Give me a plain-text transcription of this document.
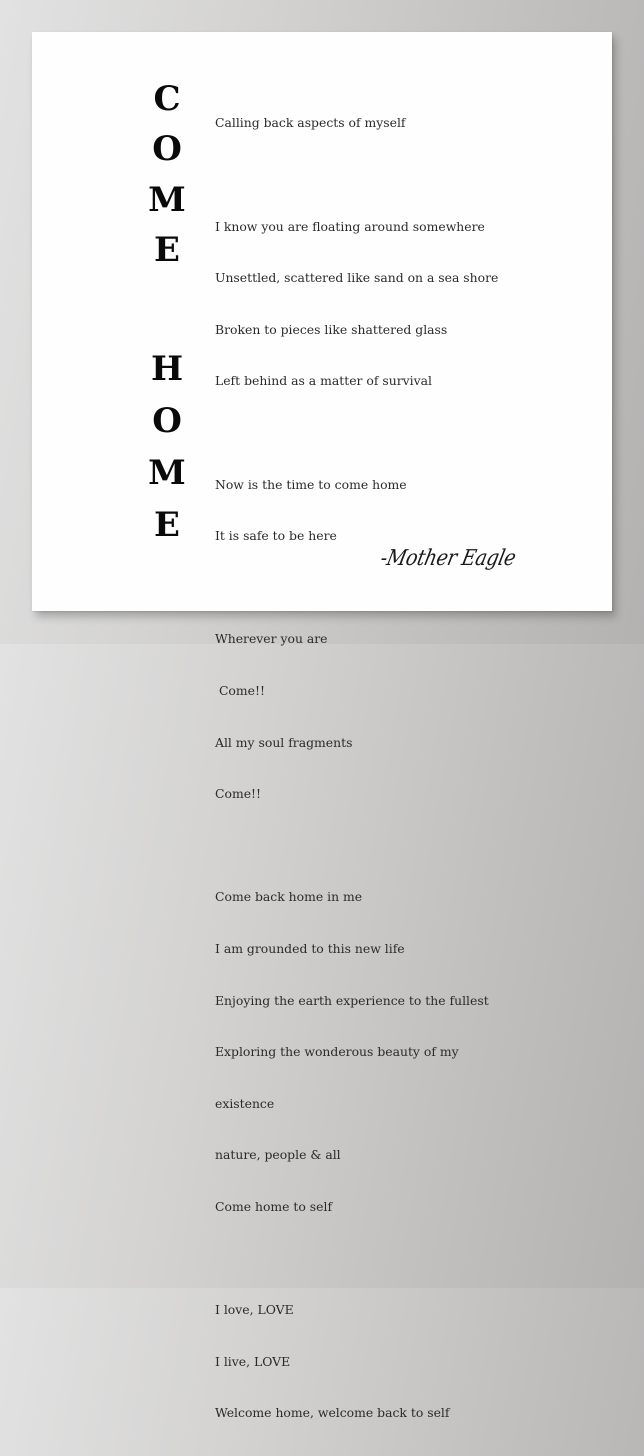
C
O
M
E
H
O
M
E

Calling back aspects of myself

I know you are floating around somewhere

Unsettled, scattered like sand on a sea shore

Broken to pieces like shattered glass

Left behind as a matter of survival

Now is the time to come home

It is safe to be here

Wherever you are

Come!!

All my soul fragments

Come!!

Come back home in me

I am grounded to this new life

Enjoying the earth experience to the fullest

Exploring the wonderous beauty of my

existence

nature, people & all

Come home to self

I love, LOVE

I live, LOVE

Welcome home, welcome back to self

-Mother Eagle
